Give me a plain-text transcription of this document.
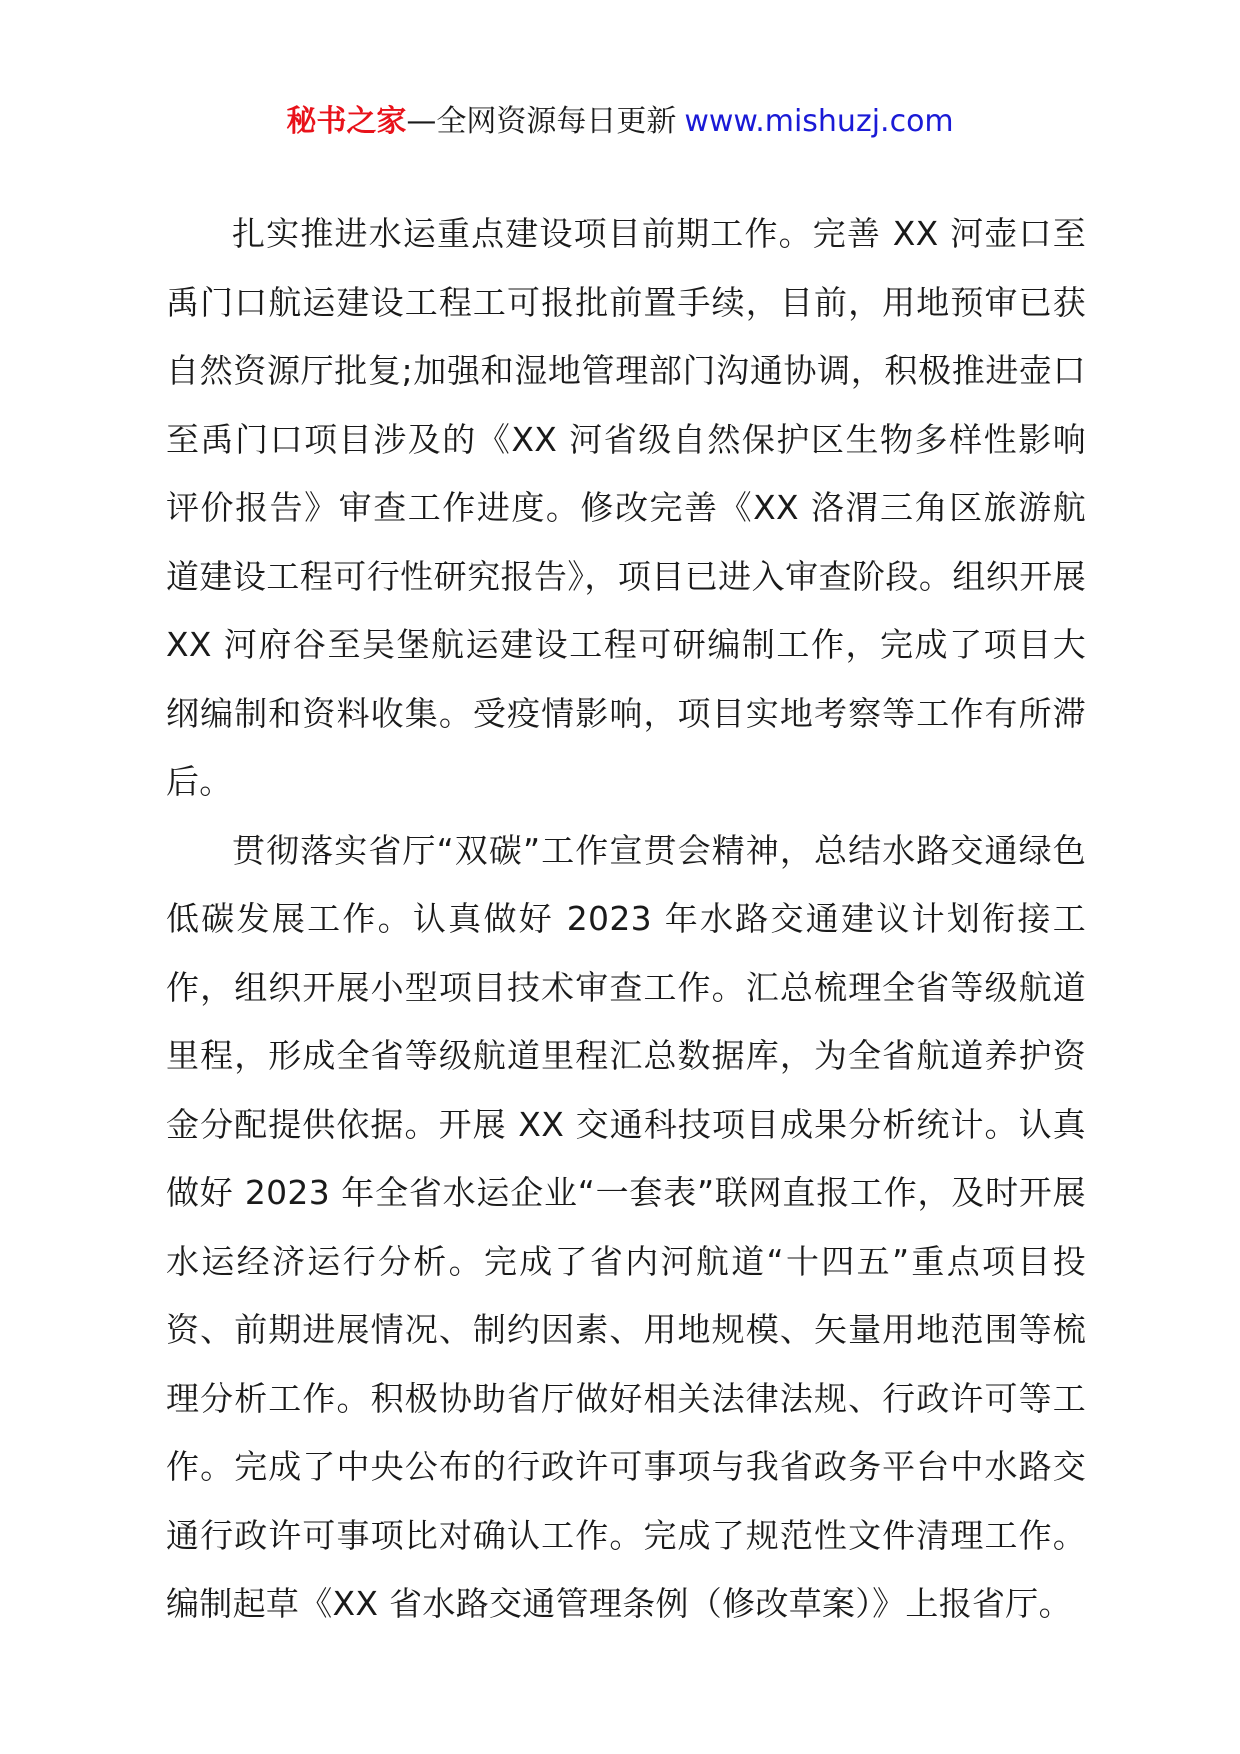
秘书之家—全网资源每日更新 www.mishuzj.com

扎实推进水运重点建设项目前期工作。完善 XX 河壶口至禹门口航运建设工程工可报批前置手续，目前，用地预审已获自然资源厅批复;加强和湿地管理部门沟通协调，积极推进壶口至禹门口项目涉及的《XX 河省级自然保护区生物多样性影响评价报告》审查工作进度。修改完善《XX 洛渭三角区旅游航道建设工程可行性研究报告》，项目已进入审查阶段。组织开展 XX 河府谷至吴堡航运建设工程可研编制工作，完成了项目大纲编制和资料收集。受疫情影响，项目实地考察等工作有所滞后。

贯彻落实省厅“双碳”工作宣贯会精神，总结水路交通绿色低碳发展工作。认真做好 2023 年水路交通建议计划衔接工作，组织开展小型项目技术审查工作。汇总梳理全省等级航道里程，形成全省等级航道里程汇总数据库，为全省航道养护资金分配提供依据。开展 XX 交通科技项目成果分析统计。认真做好 2023 年全省水运企业“一套表”联网直报工作，及时开展水运经济运行分析。完成了省内河航道“十四五”重点项目投资、前期进展情况、制约因素、用地规模、矢量用地范围等梳理分析工作。积极协助省厅做好相关法律法规、行政许可等工作。完成了中央公布的行政许可事项与我省政务平台中水路交通行政许可事项比对确认工作。完成了规范性文件清理工作。编制起草《XX 省水路交通管理条例（修改草案）》上报省厅。
